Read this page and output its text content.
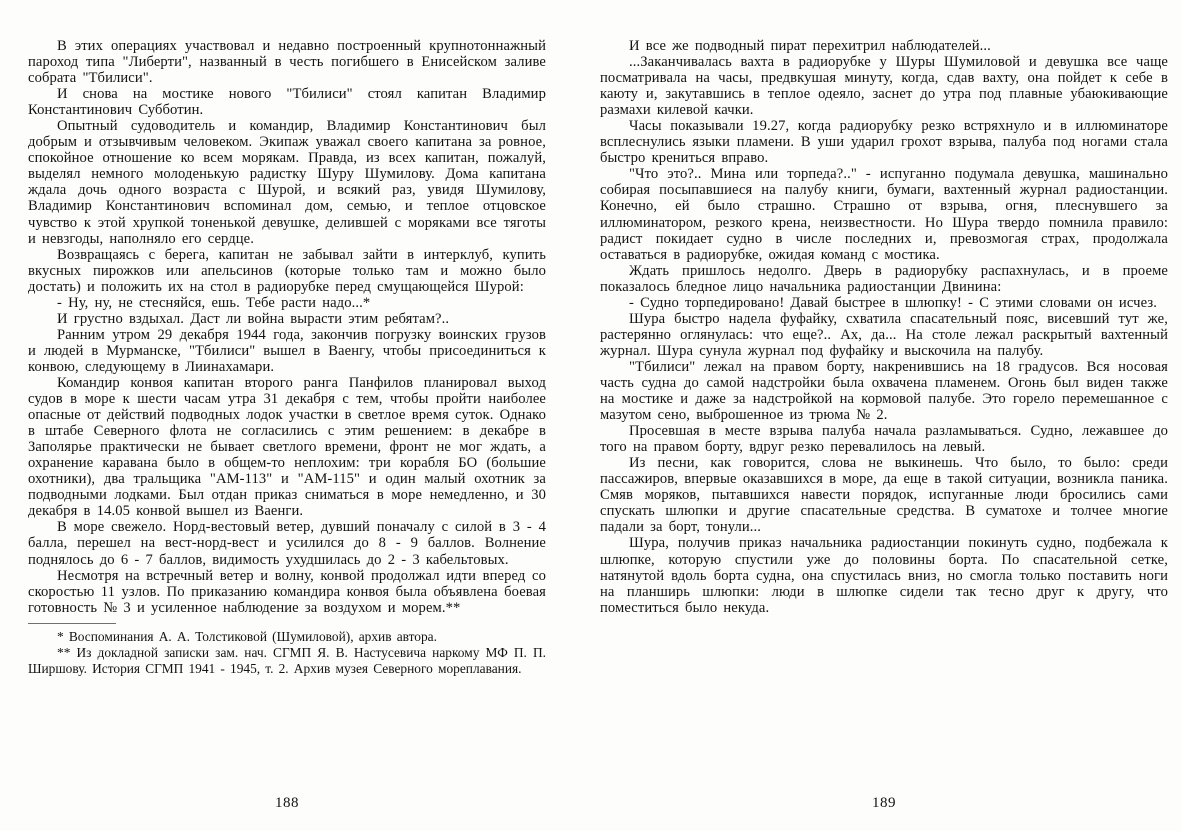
В этих операциях участвовал и недавно построенный крупнотоннажный пароход типа "Либерти", названный в честь погибшего в Енисейском заливе собрата "Тбилиси".

И снова на мостике нового "Тбилиси" стоял капитан Владимир Константинович Субботин.

Опытный судоводитель и командир, Владимир Константинович был добрым и отзывчивым человеком. Экипаж уважал своего капитана за ровное, спокойное отношение ко всем морякам. Правда, из всех капитан, пожалуй, выделял немного молоденькую радистку Шуру Шумилову. Дома капитана ждала дочь одного возраста с Шурой, и всякий раз, увидя Шумилову, Владимир Константинович вспоминал дом, семью, и теплое отцовское чувство к этой хрупкой тоненькой девушке, делившей с моряками все тяготы и невзгоды, наполняло его сердце.

Возвращаясь с берега, капитан не забывал зайти в интерклуб, купить вкусных пирожков или апельсинов (которые только там и можно было достать) и положить их на стол в радиорубке перед смущающейся Шурой:

- Ну, ну, не стесняйся, ешь. Тебе расти надо...*

И грустно вздыхал. Даст ли война вырасти этим ребятам?..

Ранним утром 29 декабря 1944 года, закончив погрузку воинских грузов и людей в Мурманске, "Тбилиси" вышел в Ваенгу, чтобы присоединиться к конвою, следующему в Лиинахамари.

Командир конвоя капитан второго ранга Панфилов планировал выход судов в море к шести часам утра 31 декабря с тем, чтобы пройти наиболее опасные от действий подводных лодок участки в светлое время суток. Однако в штабе Северного флота не согласились с этим решением: в декабре в Заполярье практически не бывает светлого времени, фронт не мог ждать, а охранение каравана было в общем-то неплохим: три корабля БО (большие охотники), два тральщика "АМ-113" и "АМ-115" и один малый охотник за подводными лодками. Был отдан приказ сниматься в море немедленно, и 30 декабря в 14.05 конвой вышел из Ваенги.

В море свежело. Норд-вестовый ветер, дувший поначалу с силой в 3 - 4 балла, перешел на вест-норд-вест и усилился до 8 - 9 баллов. Волнение поднялось до 6 - 7 баллов, видимость ухудшилась до 2 - 3 кабельтовых.

Несмотря на встречный ветер и волну, конвой продолжал идти вперед со скоростью 11 узлов. По приказанию командира конвоя была объявлена боевая готовность № 3 и усиленное наблюдение за воздухом и морем.**

* Воспоминания А. А. Толстиковой (Шумиловой), архив автора.

** Из докладной записки зам. нач. СГМП Я. В. Настусевича наркому МФ П. П. Ширшову. История СГМП 1941 - 1945, т. 2. Архив музея Северного мореплавания.

188

И все же подводный пират перехитрил наблюдателей...

...Заканчивалась вахта в радиорубке у Шуры Шумиловой и девушка все чаще посматривала на часы, предвкушая минуту, когда, сдав вахту, она пойдет к себе в каюту и, закутавшись в теплое одеяло, заснет до утра под плавные убаюкивающие размахи килевой качки.

Часы показывали 19.27, когда радиорубку резко встряхнуло и в иллюминаторе всплеснулись языки пламени. В уши ударил грохот взрыва, палуба под ногами стала быстро крениться вправо.

"Что это?.. Мина или торпеда?.." - испуганно подумала девушка, машинально собирая посыпавшиеся на палубу книги, бумаги, вахтенный журнал радиостанции. Конечно, ей было страшно. Страшно от взрыва, огня, плеснувшего за иллюминатором, резкого крена, неизвестности. Но Шура твердо помнила правило: радист покидает судно в числе последних и, превозмогая страх, продолжала оставаться в радиорубке, ожидая команд с мостика.

Ждать пришлось недолго. Дверь в радиорубку распахнулась, и в проеме показалось бледное лицо начальника радиостанции Двинина:

- Судно торпедировано! Давай быстрее в шлюпку! - С этими словами он исчез.

Шура быстро надела фуфайку, схватила спасательный пояс, висевший тут же, растерянно оглянулась: что еще?.. Ах, да... На столе лежал раскрытый вахтенный журнал. Шура сунула журнал под фуфайку и выскочила на палубу.

"Тбилиси" лежал на правом борту, накренившись на 18 градусов. Вся носовая часть судна до самой надстройки была охвачена пламенем. Огонь был виден также на мостике и даже за надстройкой на кормовой палубе. Это горело перемешанное с мазутом сено, выброшенное из трюма № 2.

Просевшая в месте взрыва палуба начала разламываться. Судно, лежавшее до того на правом борту, вдруг резко перевалилось на левый.

Из песни, как говорится, слова не выкинешь. Что было, то было: среди пассажиров, впервые оказавшихся в море, да еще в такой ситуации, возникла паника. Смяв моряков, пытавшихся навести порядок, испуганные люди бросились сами спускать шлюпки и другие спасательные средства. В суматохе и толчее многие падали за борт, тонули...

Шура, получив приказ начальника радиостанции покинуть судно, подбежала к шлюпке, которую спустили уже до половины борта. По спасательной сетке, натянутой вдоль борта судна, она спустилась вниз, но смогла только поставить ноги на планширь шлюпки: люди в шлюпке сидели так тесно друг к другу, что поместиться было некуда.

189
